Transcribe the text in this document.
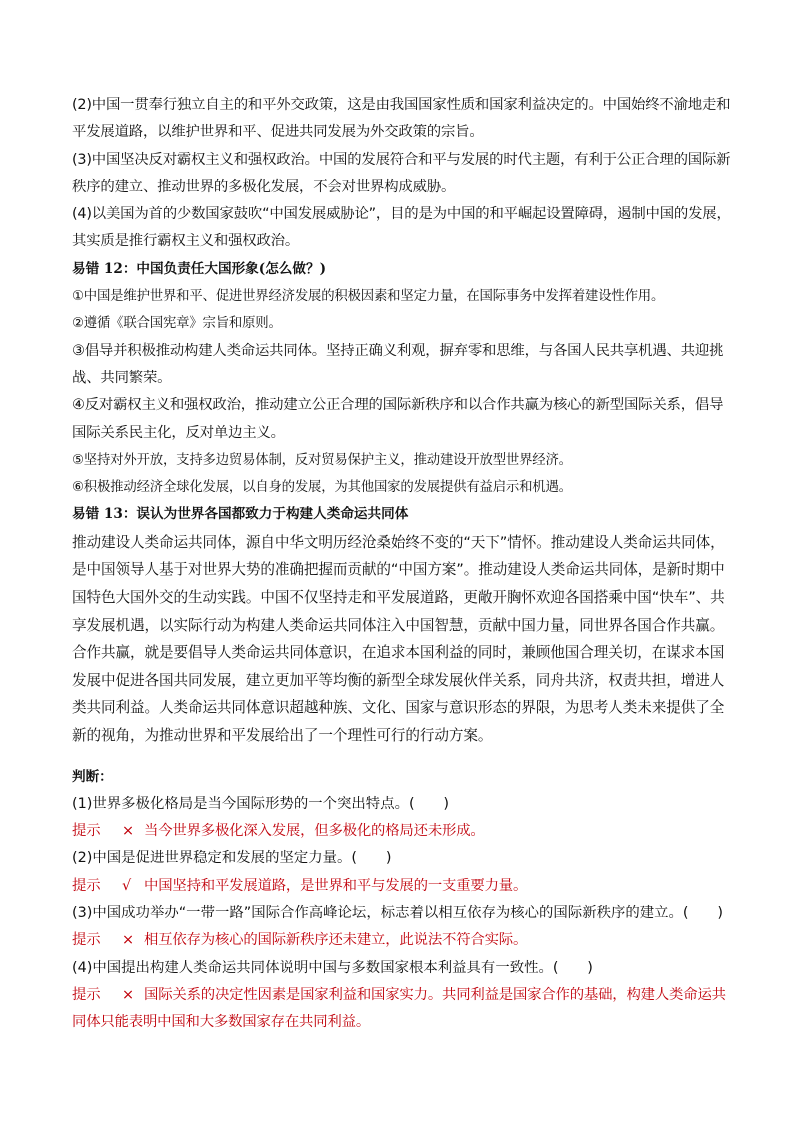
(2)中国一贯奉行独立自主的和平外交政策，这是由我国国家性质和国家利益决定的。中国始终不渝地走和平发展道路，以维护世界和平、促进共同发展为外交政策的宗旨。

(3)中国坚决反对霸权主义和强权政治。中国的发展符合和平与发展的时代主题，有利于公正合理的国际新秩序的建立、推动世界的多极化发展，不会对世界构成威胁。

(4)以美国为首的少数国家鼓吹“中国发展威胁论”，目的是为中国的和平崛起设置障碍，遏制中国的发展，其实质是推行霸权主义和强权政治。

易错 12：中国负责任大国形象(怎么做？)

①中国是维护世界和平、促进世界经济发展的积极因素和坚定力量，在国际事务中发挥着建设性作用。

②遵循《联合国宪章》宗旨和原则。

③倡导并积极推动构建人类命运共同体。坚持正确义利观，摒弃零和思维，与各国人民共享机遇、共迎挑战、共同繁荣。

④反对霸权主义和强权政治，推动建立公正合理的国际新秩序和以合作共赢为核心的新型国际关系，倡导国际关系民主化，反对单边主义。

⑤坚持对外开放，支持多边贸易体制，反对贸易保护主义，推动建设开放型世界经济。

⑥积极推动经济全球化发展，以自身的发展，为其他国家的发展提供有益启示和机遇。

易错 13：误认为世界各国都致力于构建人类命运共同体

推动建设人类命运共同体，源自中华文明历经沧桑始终不变的“天下”情怀。推动建设人类命运共同体，是中国领导人基于对世界大势的准确把握而贡献的“中国方案”。推动建设人类命运共同体，是新时期中国特色大国外交的生动实践。中国不仅坚持走和平发展道路，更敞开胸怀欢迎各国搭乘中国“快车”、共享发展机遇，以实际行动为构建人类命运共同体注入中国智慧，贡献中国力量，同世界各国合作共赢。合作共赢，就是要倡导人类命运共同体意识，在追求本国利益的同时，兼顾他国合理关切，在谋求本国发展中促进各国共同发展，建立更加平等均衡的新型全球发展伙伴关系，同舟共济，权责共担，增进人类共同利益。人类命运共同体意识超越种族、文化、国家与意识形态的界限，为思考人类未来提供了全新的视角，为推动世界和平发展给出了一个理性可行的行动方案。

判断：

(1)世界多极化格局是当今国际形势的一个突出特点。(　　)

提示 × 当今世界多极化深入发展，但多极化的格局还未形成。

(2)中国是促进世界稳定和发展的坚定力量。(　　)

提示 √ 中国坚持和平发展道路，是世界和平与发展的一支重要力量。

(3)中国成功举办“一带一路”国际合作高峰论坛，标志着以相互依存为核心的国际新秩序的建立。(　　)

提示 × 相互依存为核心的国际新秩序还未建立，此说法不符合实际。

(4)中国提出构建人类命运共同体说明中国与多数国家根本利益具有一致性。(　　)

提示 × 国际关系的决定性因素是国家利益和国家实力。共同利益是国家合作的基础，构建人类命运共同体只能表明中国和大多数国家存在共同利益。
